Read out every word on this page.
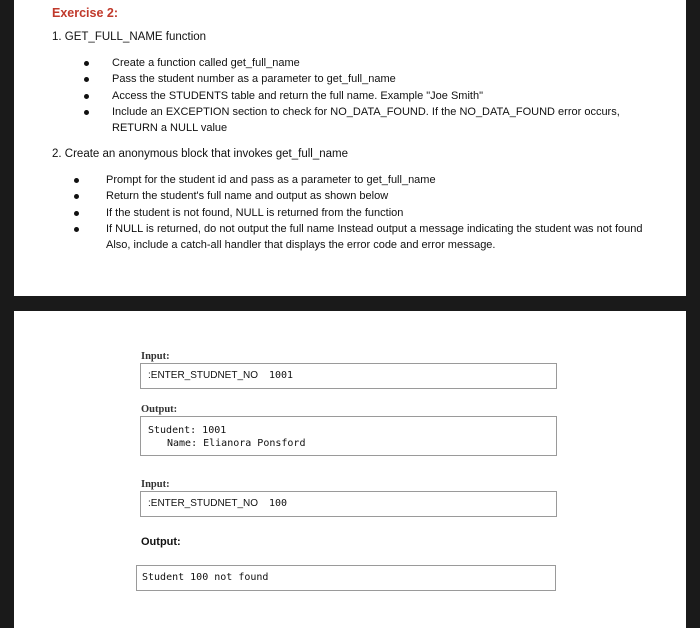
Exercise 2:
1. GET_FULL_NAME function
Create a function called get_full_name
Pass the student number as a parameter to get_full_name
Access the STUDENTS table and return the full name. Example "Joe Smith"
Include an EXCEPTION section to check for NO_DATA_FOUND. If the NO_DATA_FOUND error occurs, RETURN a NULL value
2. Create an anonymous block that invokes get_full_name
Prompt for the student id and pass as a parameter to get_full_name
Return the student's full name and output as shown below
If the student is not found, NULL is returned from the function
If NULL is returned, do not output the full name Instead output a message indicating the student was not found Also, include a catch-all handler that displays the error code and error message.
Input:
:ENTER_STUDNET_NO 1001
Output:
Student: 1001
Name: Elianora Ponsford
Input:
:ENTER_STUDNET_NO 100
Output:
Student 100 not found
